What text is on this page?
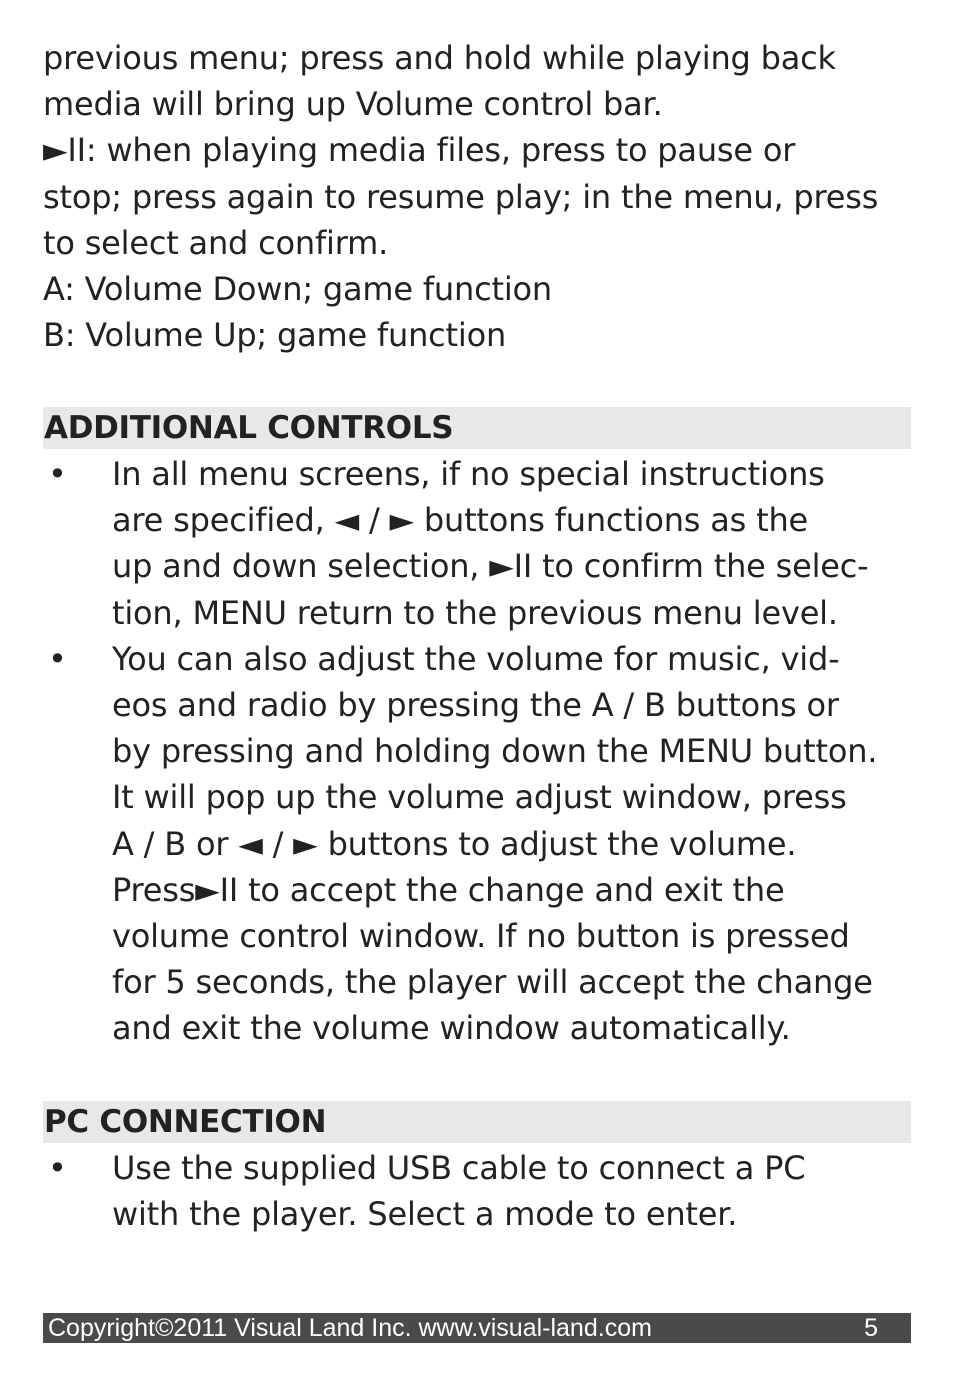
previous menu; press and hold while playing back
media will bring up Volume control bar.
►II: when playing media files, press to pause or
stop; press again to resume play; in the menu, press
to select and confirm.
A: Volume Down; game function
B: Volume Up; game function
ADDITIONAL CONTROLS
• In all menu screens, if no special instructions
are specified, ◄ / ► buttons functions as the
up and down selection, ►II to confirm the selec-
tion, MENU return to the previous menu level.
• You can also adjust the volume for music, vid-
eos and radio by pressing the A / B buttons or
by pressing and holding down the MENU button.
It will pop up the volume adjust window, press
A / B or ◄ / ► buttons to adjust the volume.
Press►II to accept the change and exit the
volume control window. If no button is pressed
for 5 seconds, the player will accept the change
and exit the volume window automatically.
PC CONNECTION
• Use the supplied USB cable to connect a PC
with the player. Select a mode to enter.
Copyright©2011 Visual Land Inc. www.visual-land.com	5
